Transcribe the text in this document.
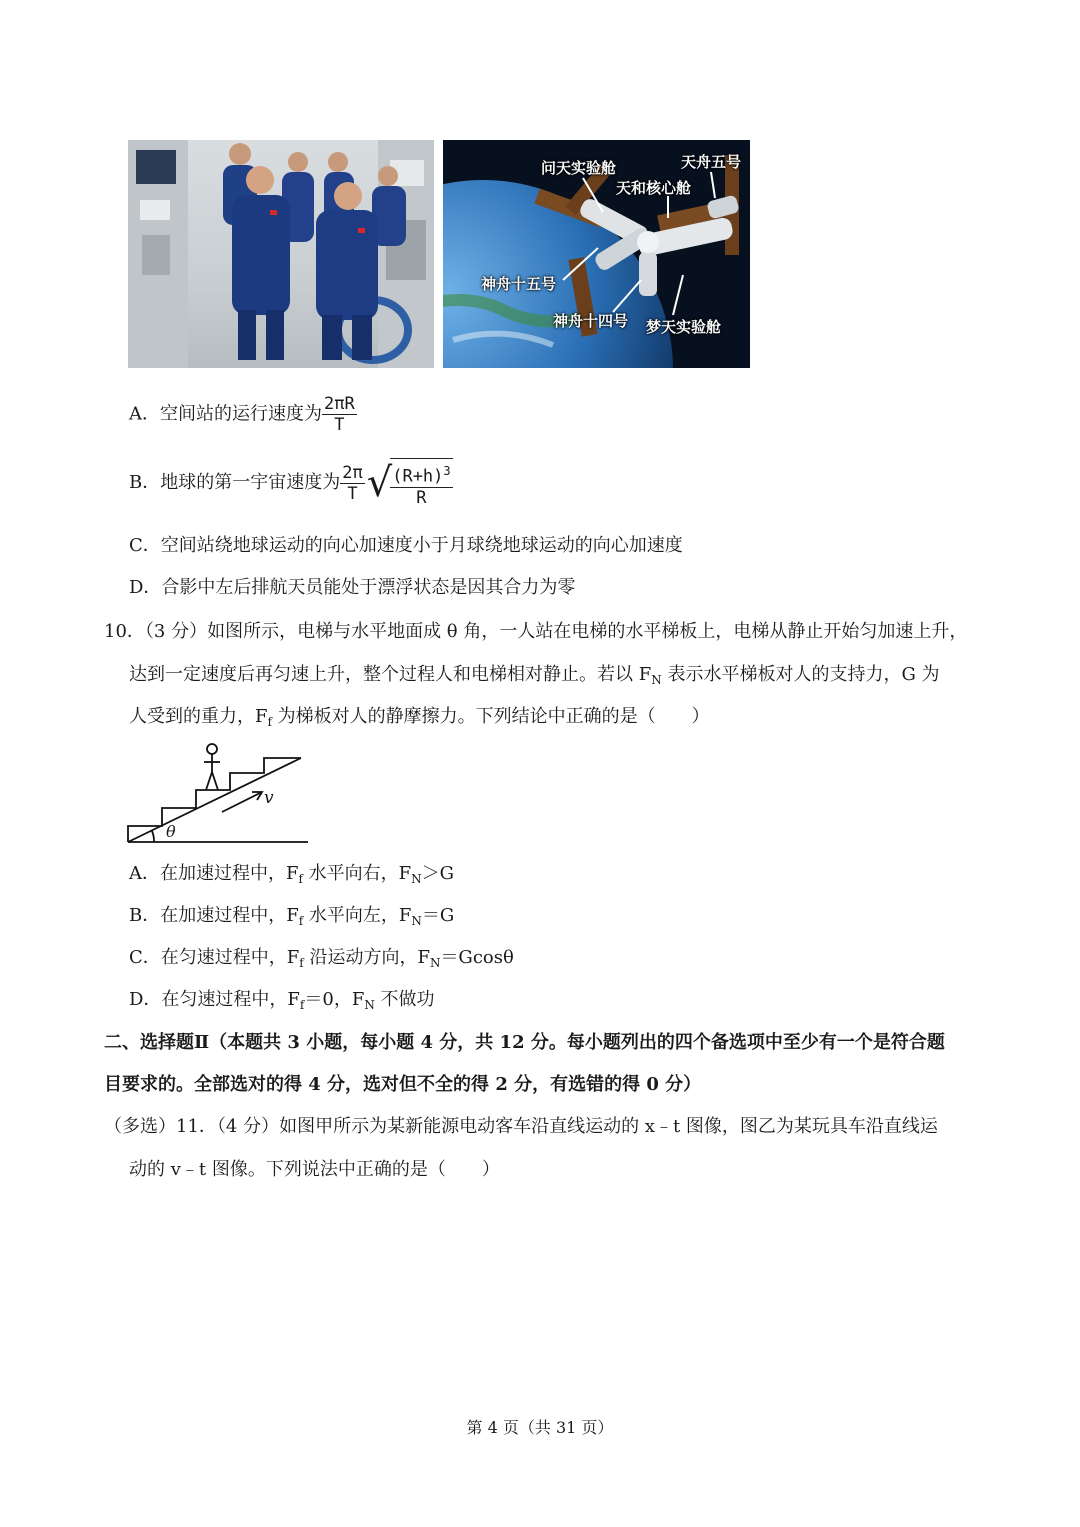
问天实验舱	天舟五号
天和核心舱
神舟十五号
神舟十四号 梦天实验舱
A．空间站的运行速度为 $\frac{2\pi R}{T}$
B．地球的第一宇宙速度为 $\frac{2\pi}{T}$ √
$\frac{(R+h)^3}{R}$
C．空间站绕地球运动的向心加速度小于月球绕地球运动的向心加速度
D．合影中左后排航天员能处于漂浮状态是因其合力为零
10．（3 分）如图所示，电梯与水平地面成 θ 角，一人站在电梯的水平梯板上，电梯从静止开始匀加速上升，
达到一定速度后再匀速上升，整个过程人和电梯相对静止。若以 $F_N$ 表示水平梯板对人的支持力，G 为
人受到的重力，$F_f$ 为梯板对人的静摩擦力。下列结论中正确的是（　　）
v
θ
A．在加速过程中，$F_f$ 水平向右，$F_N>G$
B．在加速过程中，$F_f$ 水平向左，$F_N=G$
C．在匀速过程中，$F_f$ 沿运动方向，$F_N=Gcos\theta$
D．在匀速过程中，$F_f=0$，$F_N$ 不做功
二、选择题Ⅱ（本题共 3 小题，每小题 4 分，共 12 分。每小题列出的四个备选项中至少有一个是符合题
目要求的。全部选对的得 4 分，选对但不全的得 2 分，有选错的得 0 分）
（多选）11．（4 分）如图甲所示为某新能源电动客车沿直线运动的 x﹣t 图像，图乙为某玩具车沿直线运
动的 v﹣t 图像。下列说法中正确的是（　　）
第 4 页（共 31 页）
